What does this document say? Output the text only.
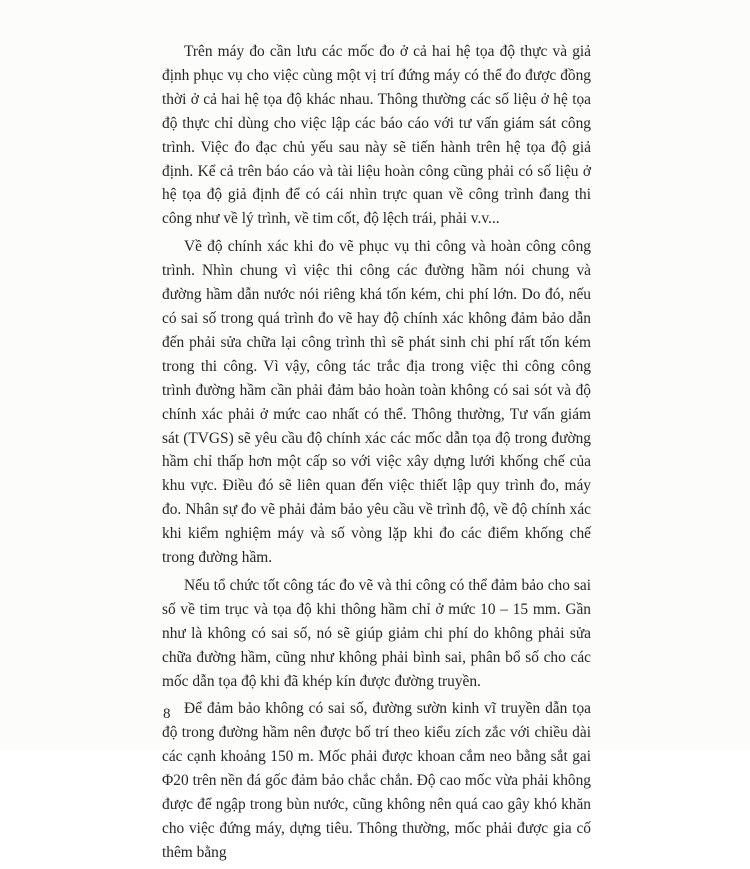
Trên máy đo cần lưu các mốc đo ở cả hai hệ tọa độ thực và giả định phục vụ cho việc cùng một vị trí đứng máy có thể đo được đồng thời ở cả hai hệ tọa độ khác nhau. Thông thường các số liệu ở hệ tọa độ thực chỉ dùng cho việc lập các báo cáo với tư vấn giám sát công trình. Việc đo đạc chủ yếu sau này sẽ tiến hành trên hệ tọa độ giả định. Kể cả trên báo cáo và tài liệu hoàn công cũng phải có số liệu ở hệ tọa độ giả định để có cái nhìn trực quan về công trình đang thi công như về lý trình, về tim cốt, độ lệch trái, phải v.v...

Về độ chính xác khi đo vẽ phục vụ thi công và hoàn công công trình. Nhìn chung vì việc thi công các đường hầm nói chung và đường hầm dẫn nước nói riêng khá tốn kém, chi phí lớn. Do đó, nếu có sai số trong quá trình đo vẽ hay độ chính xác không đảm bảo dẫn đến phải sửa chữa lại công trình thì sẽ phát sinh chi phí rất tốn kém trong thi công. Vì vậy, công tác trắc địa trong việc thi công công trình đường hầm cần phải đảm bảo hoàn toàn không có sai sót và độ chính xác phải ở mức cao nhất có thể. Thông thường, Tư vấn giám sát (TVGS) sẽ yêu cầu độ chính xác các mốc dẫn tọa độ trong đường hầm chỉ thấp hơn một cấp so với việc xây dựng lưới khống chế của khu vực. Điều đó sẽ liên quan đến việc thiết lập quy trình đo, máy đo. Nhân sự đo vẽ phải đảm bảo yêu cầu về trình độ, về độ chính xác khi kiểm nghiệm máy và số vòng lặp khi đo các điểm khống chế trong đường hầm.

Nếu tổ chức tốt công tác đo vẽ và thi công có thể đảm bảo cho sai số về tim trục và tọa độ khi thông hầm chỉ ở mức 10 – 15 mm. Gần như là không có sai số, nó sẽ giúp giảm chi phí do không phải sửa chữa đường hầm, cũng như không phải bình sai, phân bổ số cho các mốc dẫn tọa độ khi đã khép kín được đường truyền.

Để đảm bảo không có sai số, đường sườn kinh vĩ truyền dẫn tọa độ trong đường hầm nên được bố trí theo kiểu zích zắc với chiều dài các cạnh khoảng 150 m. Mốc phải được khoan cắm neo bằng sắt gai Φ20 trên nền đá gốc đảm bảo chắc chắn. Độ cao mốc vừa phải không được để ngập trong bùn nước, cũng không nên quá cao gây khó khăn cho việc đứng máy, dựng tiêu. Thông thường, mốc phải được gia cố thêm bằng

8
